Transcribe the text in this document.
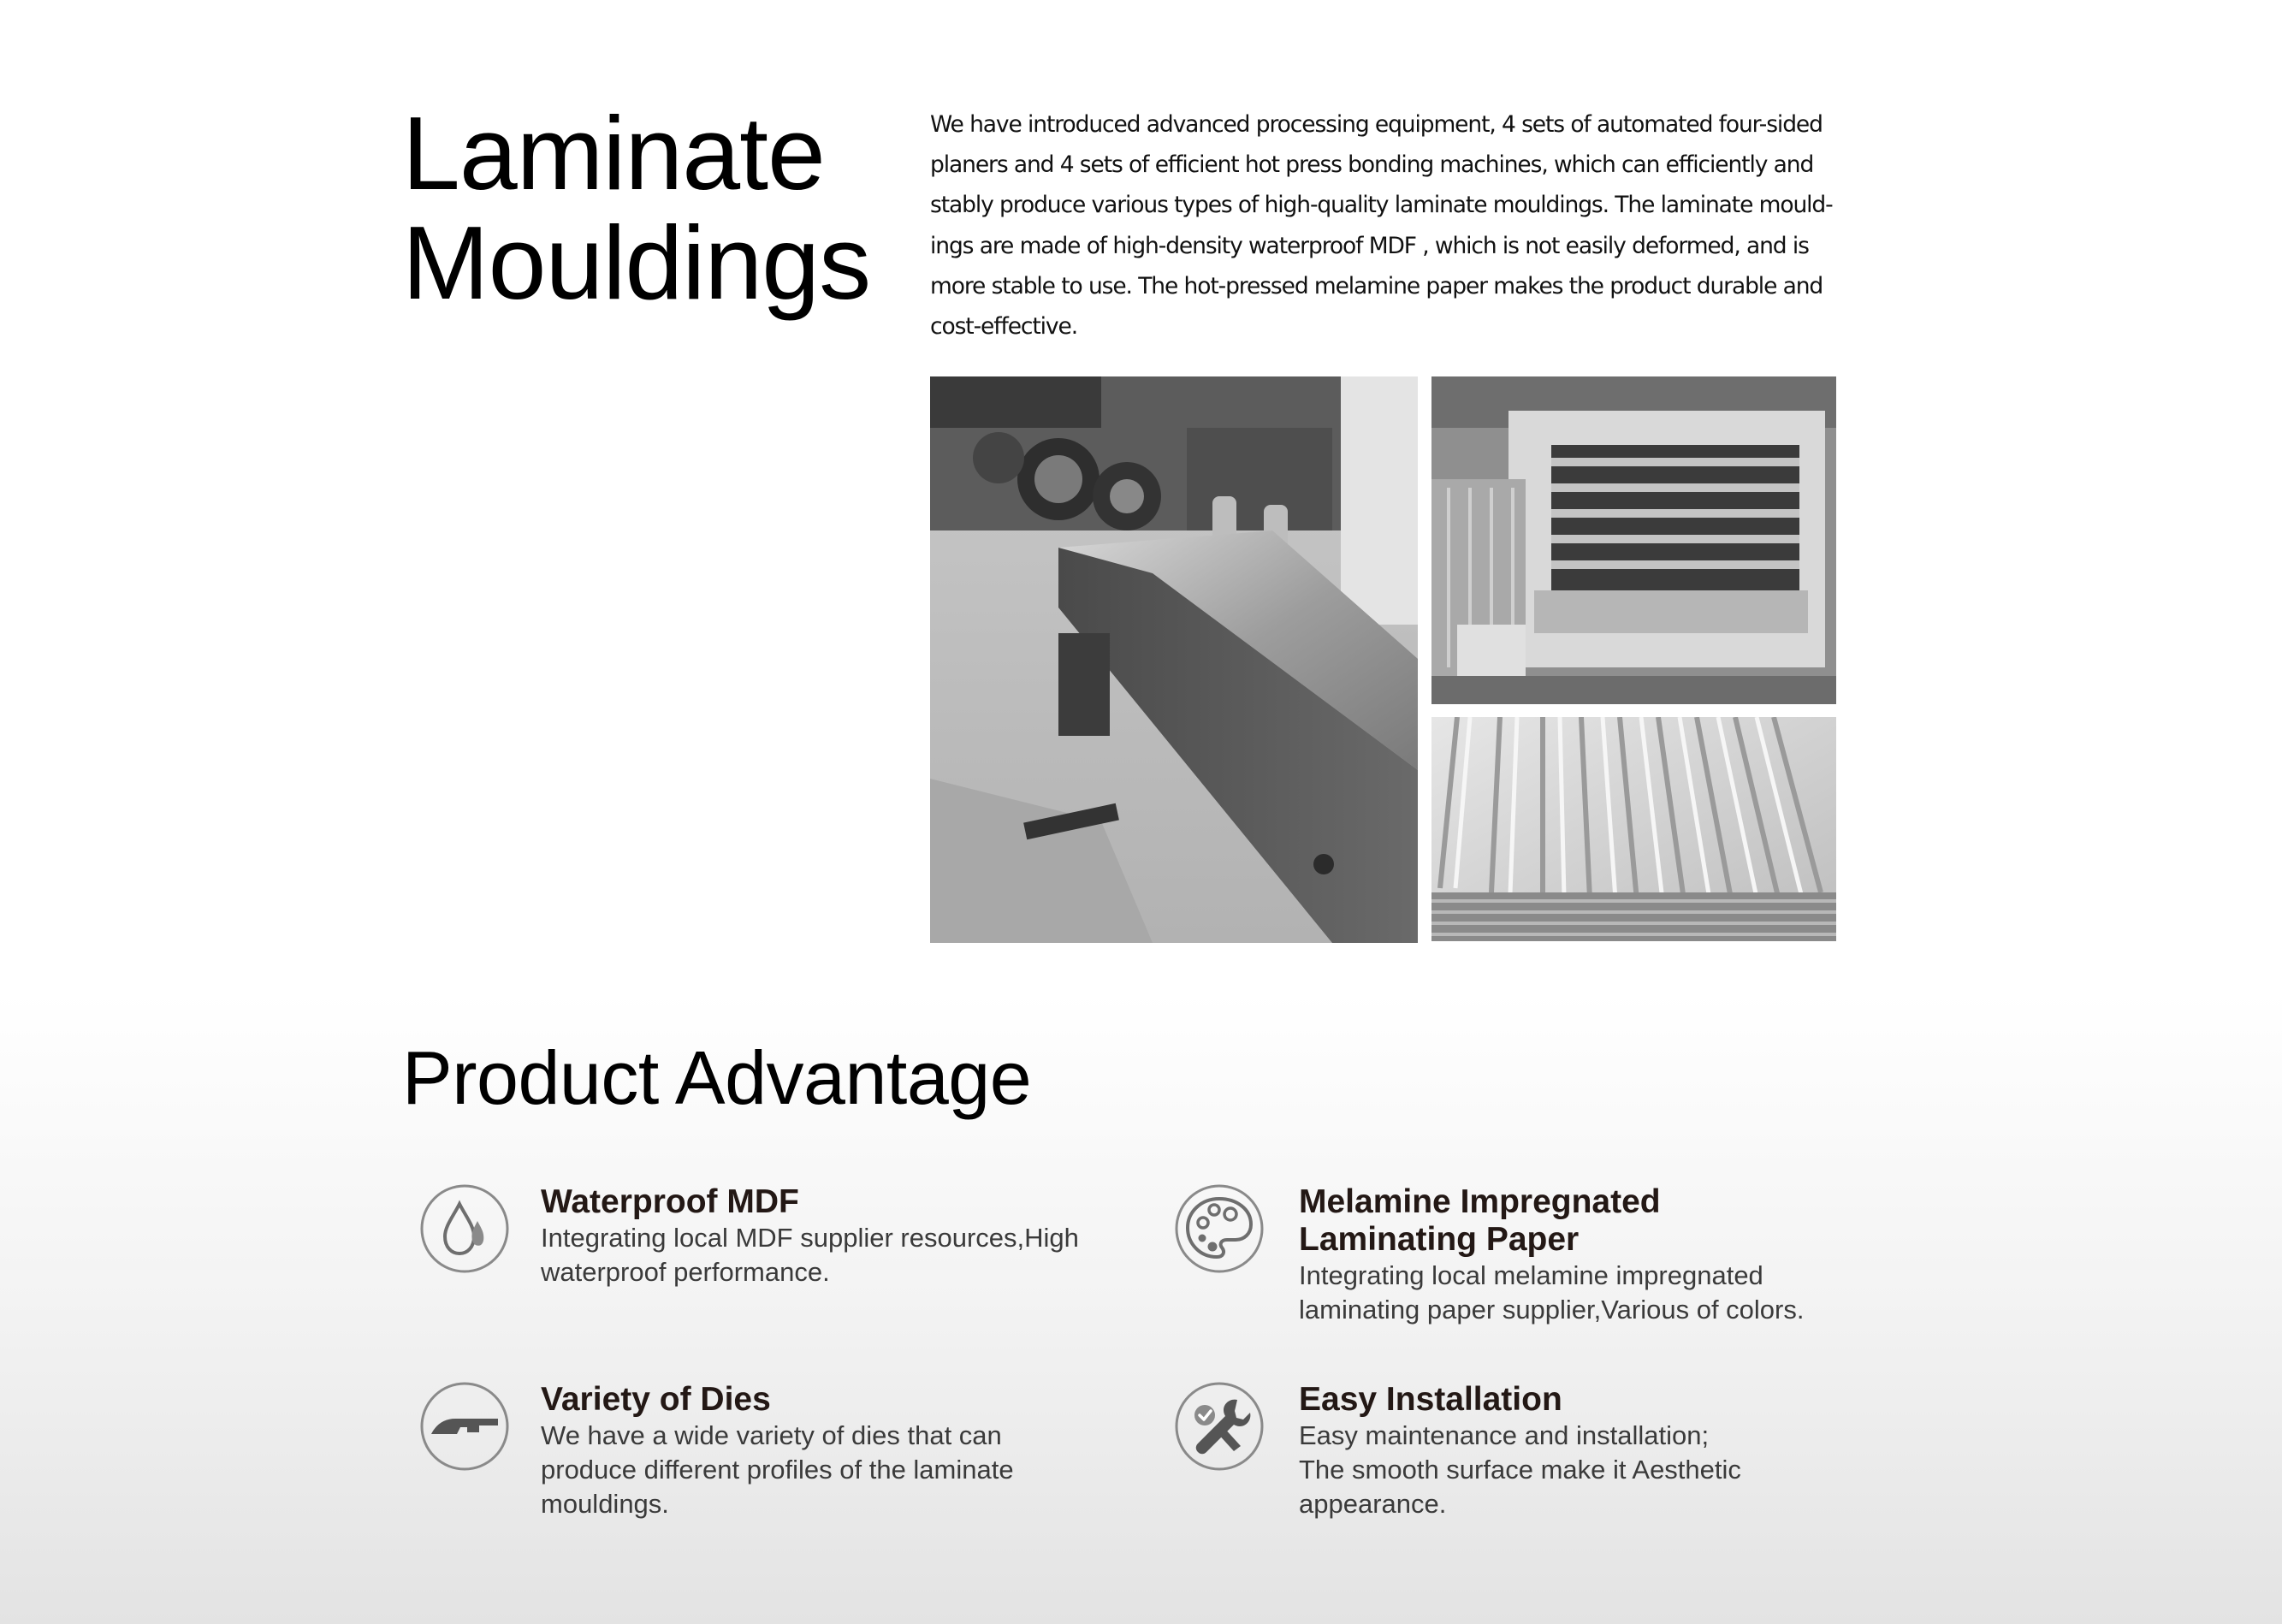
Laminate
Mouldings

We have introduced advanced processing equipment, 4 sets of automated four-sided planers and 4 sets of efficient hot press bonding machines, which can efficiently and stably produce various types of high-quality laminate mouldings. The laminate mould-ings are made of high-density waterproof MDF , which is not easily deformed, and is more stable to use. The hot-pressed melamine paper makes the product durable and cost-effective.

Product Advantage

Waterproof MDF

Integrating local MDF supplier resources,High waterproof performance.

Melamine Impregnated Laminating Paper

Integrating local melamine impregnated laminating paper supplier,Various of colors.

Variety of Dies

We have a wide variety of dies that can produce different profiles of the laminate mouldings.

Easy Installation

Easy maintenance and installation;
The smooth surface make it Aesthetic appearance.
